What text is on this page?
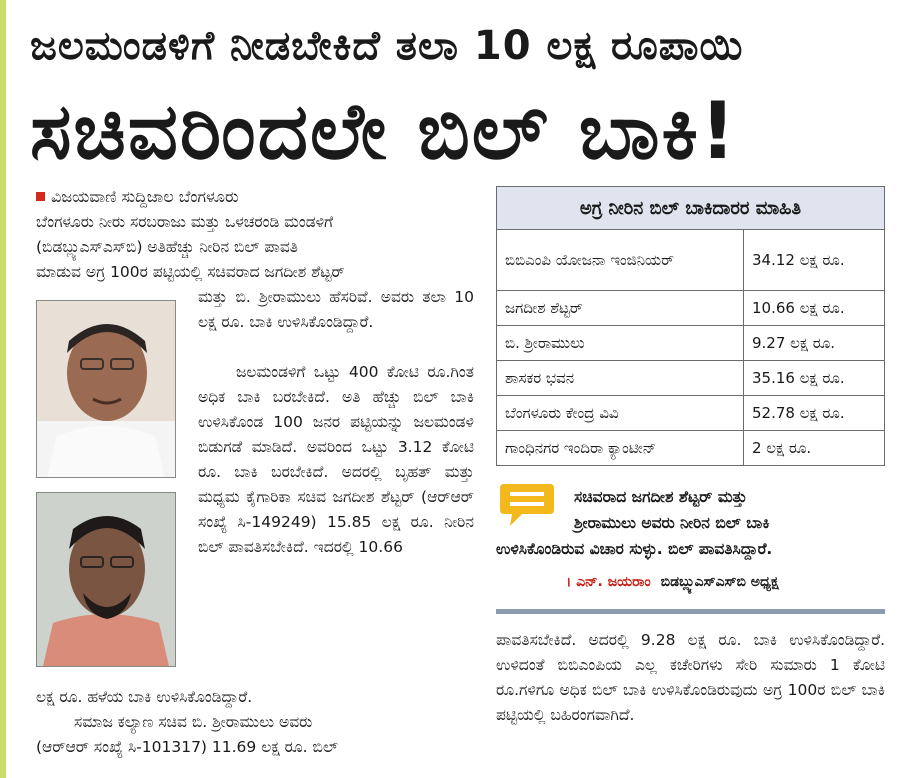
ಜಲಮಂಡಳಿಗೆ ನೀಡಬೇಕಿದೆ ತಲಾ 10 ಲಕ್ಷ ರೂಪಾಯಿ
ಸಚಿವರಿಂದಲೇ ಬಿಲ್ ಬಾಕಿ!
ವಿಜಯವಾಣಿ ಸುದ್ದಿಜಾಲ ಬೆಂಗಳೂರು

ಬೆಂಗಳೂರು ನೀರು ಸರಬರಾಜು ಮತ್ತು ಒಳಚರಂಡಿ ಮಂಡಳಿಗೆ
(ಬಿಡಬ್ಲ್ಯುಎಸ್‌ಎಸ್‌ಬಿ) ಅತಿಹೆಚ್ಚು ನೀರಿನ ಬಿಲ್ ಪಾವತಿ
ಮಾಡುವ ಅಗ್ರ 100ರ ಪಟ್ಟಿಯಲ್ಲಿ ಸಚಿವರಾದ ಜಗದೀಶ ಶೆಟ್ಟರ್

ಮತ್ತು ಬಿ. ಶ್ರೀರಾಮುಲು ಹೆಸರಿವೆ. ಅವರು ತಲಾ 10 ಲಕ್ಷ ರೂ. ಬಾಕಿ ಉಳಿಸಿಕೊಂಡಿದ್ದಾರೆ.

ಜಲಮಂಡಳಿಗೆ ಒಟ್ಟು 400 ಕೋಟಿ ರೂ.ಗಿಂತ ಅಧಿಕ ಬಾಕಿ ಬರಬೇಕಿದೆ. ಅತಿ ಹೆಚ್ಚು ಬಿಲ್ ಬಾಕಿ ಉಳಿಸಿಕೊಂಡ 100 ಜನರ ಪಟ್ಟಿಯನ್ನು ಜಲಮಂಡಳಿ ಬಿಡುಗಡೆ ಮಾಡಿದೆ. ಅವರಿಂದ ಒಟ್ಟು 3.12 ಕೋಟಿ ರೂ. ಬಾಕಿ ಬರಬೇಕಿದೆ. ಅದರಲ್ಲಿ ಬೃಹತ್ ಮತ್ತು ಮಧ್ಯಮ ಕೈಗಾರಿಕಾ ಸಚಿವ ಜಗದೀಶ ಶೆಟ್ಟರ್ (ಆರ್‌ಆರ್ ಸಂಖ್ಯೆ ಸಿ-149249) 15.85 ಲಕ್ಷ ರೂ. ನೀರಿನ ಬಿಲ್ ಪಾವತಿಸಬೇಕಿದೆ. ಇದರಲ್ಲಿ 10.66

ಲಕ್ಷ ರೂ. ಹಳೆಯ ಬಾಕಿ ಉಳಿಸಿಕೊಂಡಿದ್ದಾರೆ.
ಸಮಾಜ ಕಲ್ಯಾಣ ಸಚಿವ ಬಿ. ಶ್ರೀರಾಮುಲು ಅವರು
(ಆರ್‌ಆರ್ ಸಂಖ್ಯೆ ಸಿ-101317) 11.69 ಲಕ್ಷ ರೂ. ಬಿಲ್

ಅಗ್ರ ನೀರಿನ ಬಿಲ್ ಬಾಕಿದಾರರ ಮಾಹಿತಿ	
ಬಿಬಿಎಂಪಿ ಯೋಜನಾ ಇಂಜಿನಿಯರ್	34.12 ಲಕ್ಷ ರೂ.
ಜಗದೀಶ ಶೆಟ್ಟರ್	10.66 ಲಕ್ಷ ರೂ.
ಬಿ. ಶ್ರೀರಾಮುಲು	9.27 ಲಕ್ಷ ರೂ.
ಶಾಸಕರ ಭವನ	35.16 ಲಕ್ಷ ರೂ.
ಬೆಂಗಳೂರು ಕೇಂದ್ರ ವಿವಿ	52.78 ಲಕ್ಷ ರೂ.
ಗಾಂಧಿನಗರ ಇಂದಿರಾ ಕ್ಯಾಂಟೀನ್	2 ಲಕ್ಷ ರೂ.
ಸಚಿವರಾದ ಜಗದೀಶ ಶೆಟ್ಟರ್ ಮತ್ತು
ಶ್ರೀರಾಮುಲು ಅವರು ನೀರಿನ ಬಿಲ್ ಬಾಕಿ
ಉಳಿಸಿಕೊಂಡಿರುವ ವಿಚಾರ ಸುಳ್ಳು. ಬಿಲ್ ಪಾವತಿಸಿದ್ದಾರೆ.
। ಎನ್. ಜಯರಾಂ ಬಿಡಬ್ಲ್ಯುಎಸ್‌ಎಸ್‌ಬಿ ಅಧ್ಯಕ್ಷ

ಪಾವತಿಸಬೇಕಿದೆ. ಅದರಲ್ಲಿ 9.28 ಲಕ್ಷ ರೂ. ಬಾಕಿ ಉಳಿಸಿಕೊಂಡಿದ್ದಾರೆ. ಉಳಿದಂತೆ ಬಿಬಿಎಂಪಿಯ ಎಲ್ಲ ಕಚೇರಿಗಳು ಸೇರಿ ಸುಮಾರು 1 ಕೋಟಿ ರೂ.ಗಳಿಗೂ ಅಧಿಕ ಬಿಲ್ ಬಾಕಿ ಉಳಿಸಿಕೊಂಡಿರುವುದು ಅಗ್ರ 100ರ ಬಿಲ್ ಬಾಕಿ ಪಟ್ಟಿಯಲ್ಲಿ ಬಹಿರಂಗವಾಗಿದೆ.
